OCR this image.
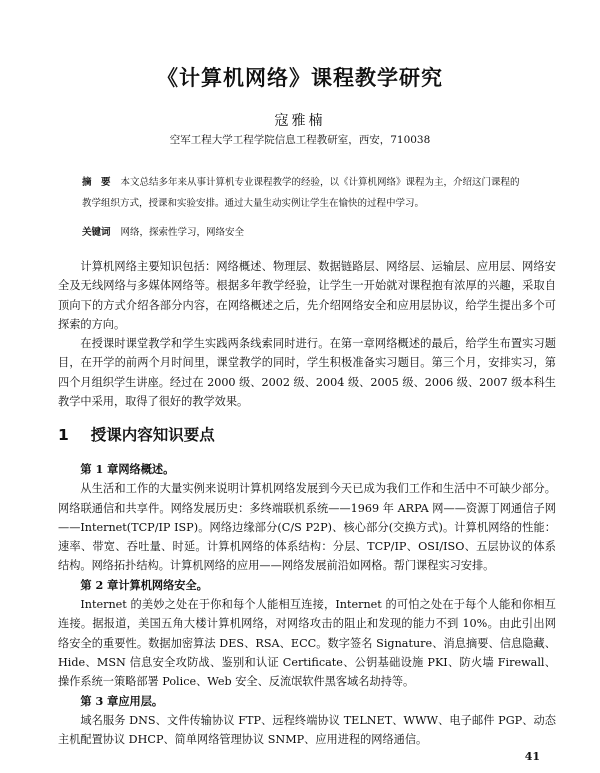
《计算机网络》课程教学研究
寇雅楠
空军工程大学工程学院信息工程教研室，西安，710038
摘　要 本文总结多年来从事计算机专业课程教学的经验，以《计算机网络》课程为主，介绍这门课程的教学组织方式，授课和实验安排。通过大量生动实例让学生在愉快的过程中学习。
关键词 网络，探索性学习，网络安全

计算机网络主要知识包括：网络概述、物理层、数据链路层、网络层、运输层、应用层、网络安全及无线网络与多媒体网络等。根据多年教学经验，让学生一开始就对课程抱有浓厚的兴趣，采取自顶向下的方式介绍各部分内容，在网络概述之后，先介绍网络安全和应用层协议，给学生提出多个可探索的方向。

在授课时课堂教学和学生实践两条线索同时进行。在第一章网络概述的最后，给学生布置实习题目，在开学的前两个月时间里，课堂教学的同时，学生积极准备实习题目。第三个月，安排实习，第四个月组织学生讲座。经过在 2000 级、2002 级、2004 级、2005 级、2006 级、2007 级本科生教学中采用，取得了很好的教学效果。

1 授课内容知识要点

第 1 章网络概述。

从生活和工作的大量实例来说明计算机网络发展到今天已成为我们工作和生活中不可缺少部分。网络联通信和共享件。网络发展历史：多终端联机系统——1969 年 ARPA 网——资源丁网通信子网——Internet(TCP/IP ISP)。网络边缘部分(C/S P2P)、核心部分(交换方式)。计算机网络的性能：速率、带宽、吞吐量、时延。计算机网络的体系结构：分层、TCP/IP、OSI/ISO、五层协议的体系结构。网络拓扑结构。计算机网络的应用——网络发展前沿如网格。帮门课程实习安排。

第 2 章计算机网络安全。

Internet 的美妙之处在于你和每个人能相互连接，Internet 的可怕之处在于每个人能和你相互连接。据报道，美国五角大楼计算机网络，对网络攻击的阻止和发现的能力不到 10%。由此引出网络安全的重要性。数据加密算法 DES、RSA、ECC。数字签名 Signature、消息摘要、信息隐藏、Hide、MSN 信息安全攻防战、鉴别和认证 Certificate、公钥基础设施 PKI、防火墙 Firewall、操作系统一策略部署 Police、Web 安全、反流氓软件黑客域名劫持等。

第 3 章应用层。

域名服务 DNS、文件传输协议 FTP、远程终端协议 TELNET、WWW、电子邮件 PGP、动态主机配置协议 DHCP、简单网络管理协议 SNMP、应用进程的网络通信。

41
